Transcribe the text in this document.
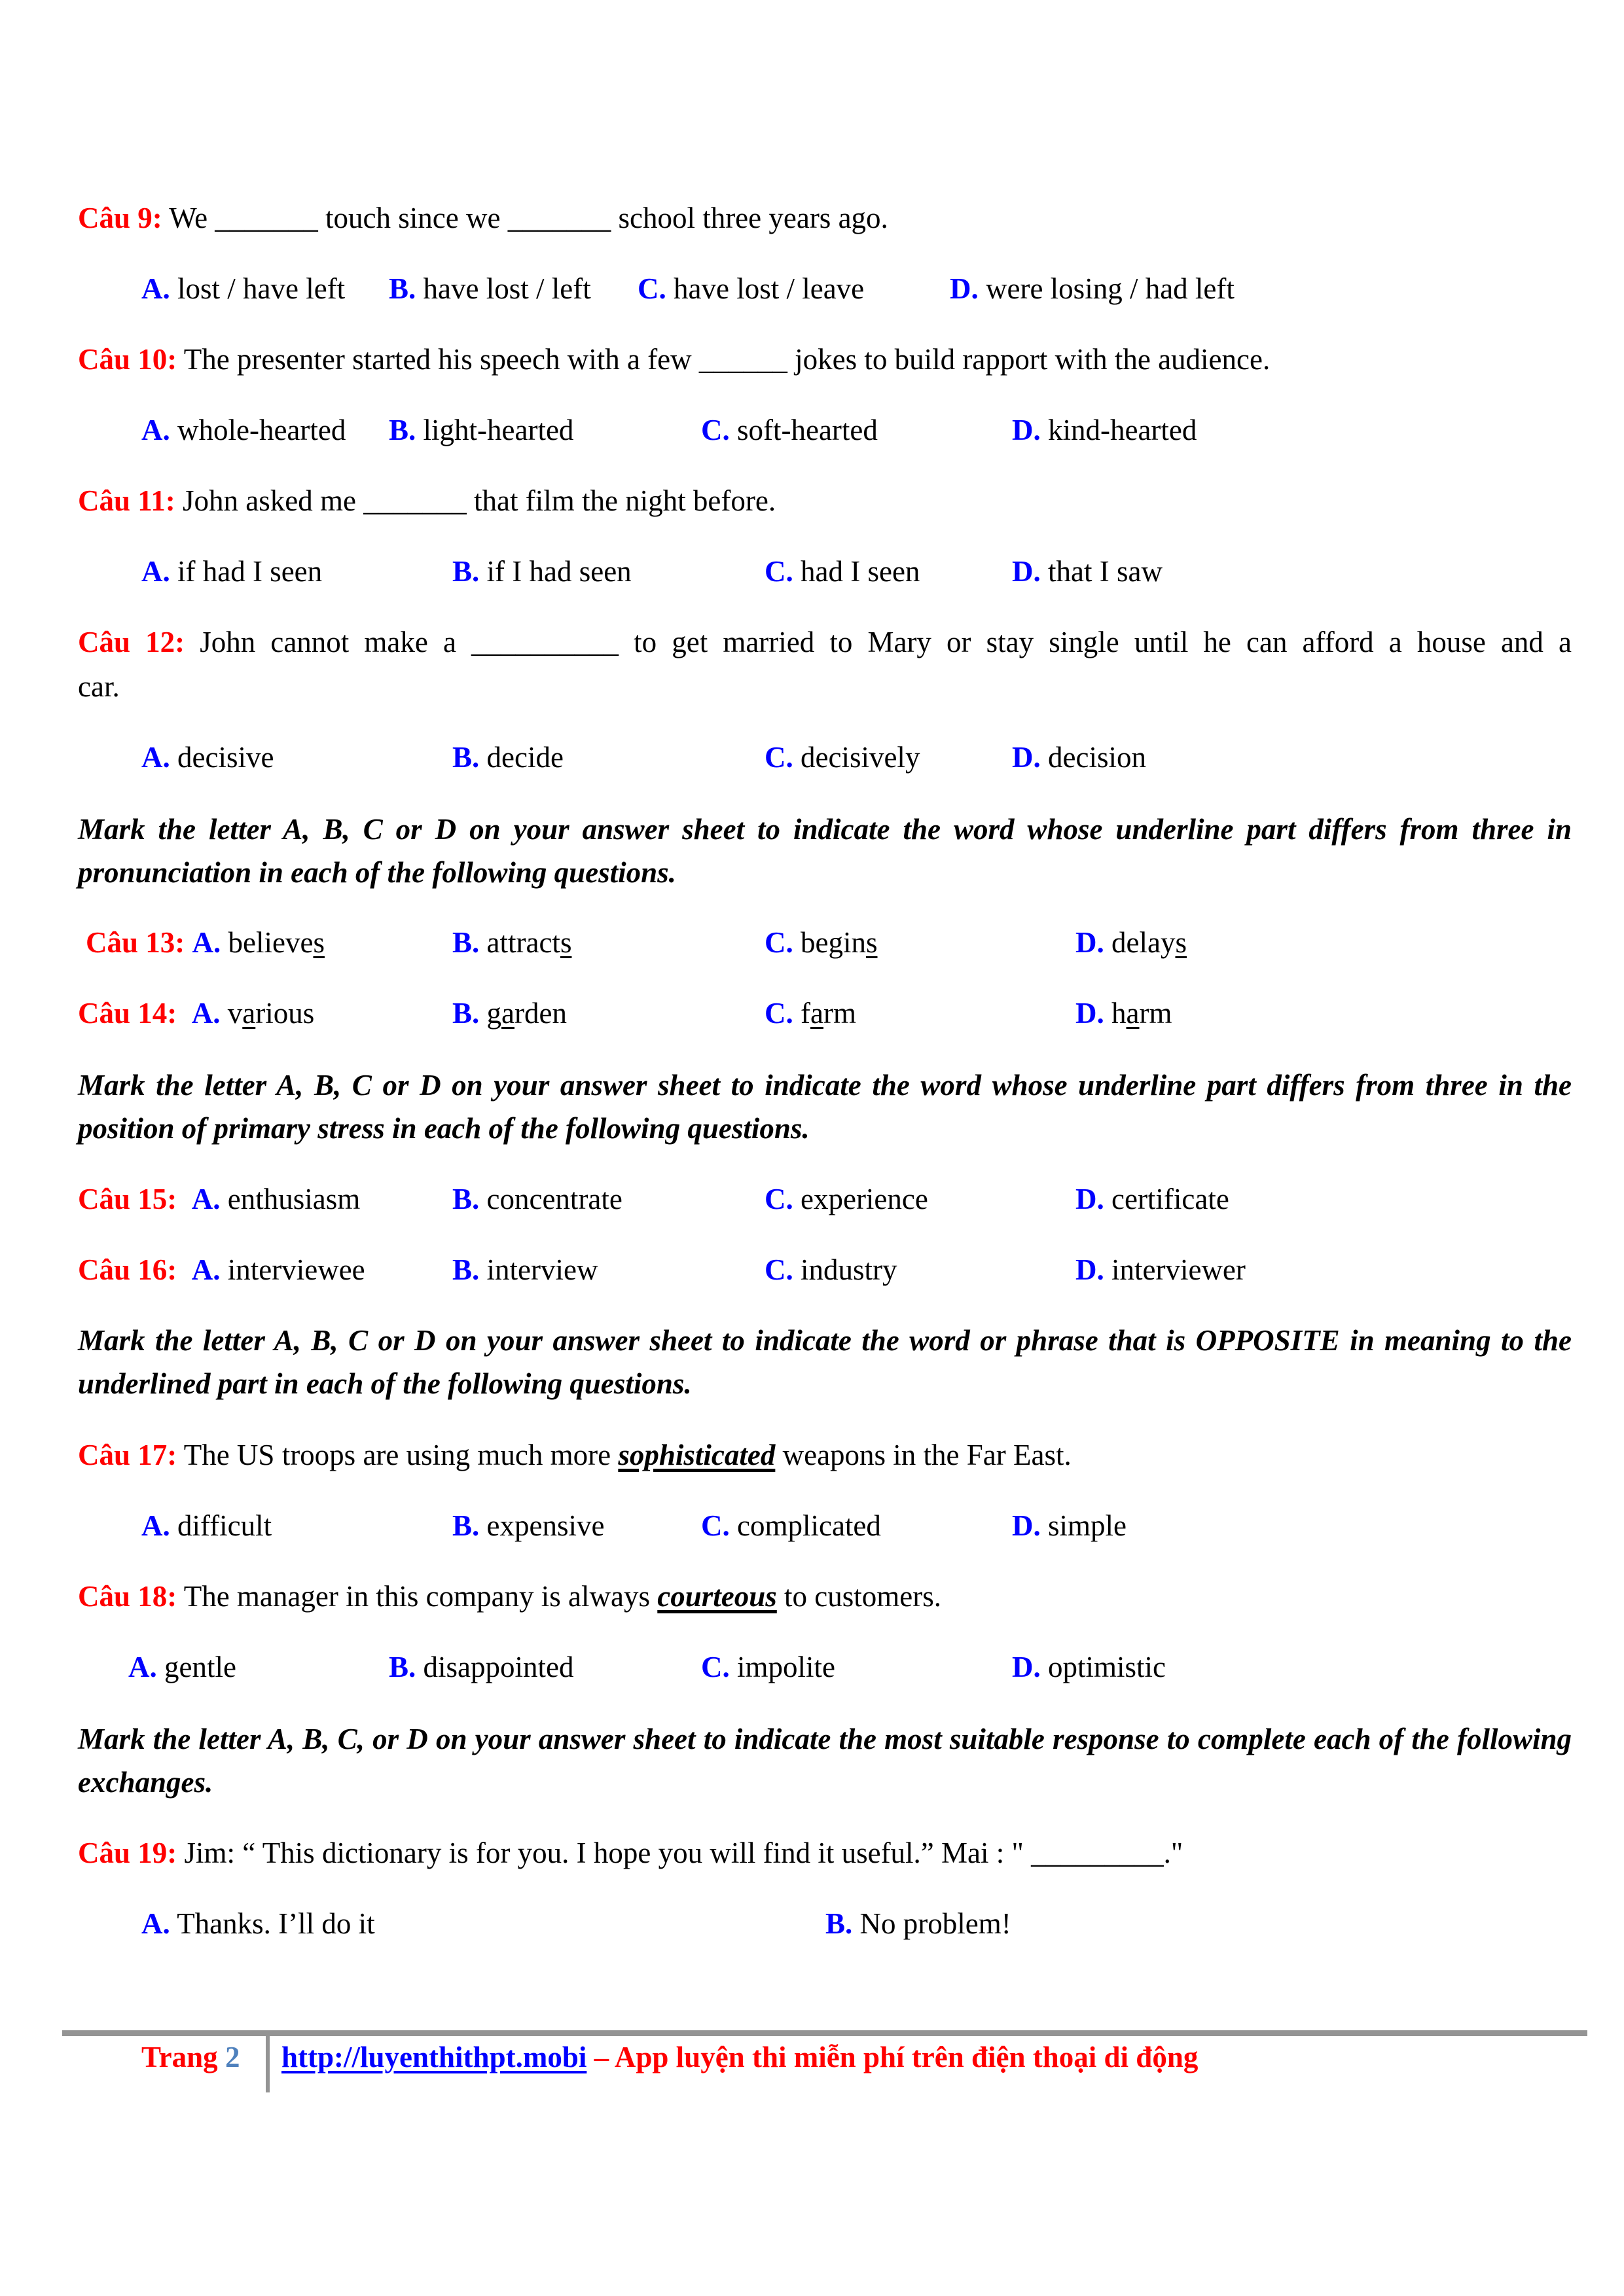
Câu 9: We _______ touch since we _______ school three years ago.
A. lost / have left B. have lost / left C. have lost / leave	D. were losing / had left
Câu 10: The presenter started his speech with a few ______ jokes to build rapport with the audience.
A. whole-hearted B. light-hearted	C. soft-hearted	D. kind-hearted
Câu 11: John asked me _______ that film the night before.
A. if had I seen	B. if I had seen	C. had I seen	D. that I saw
Câu 12: John cannot make a __________ to get married to Mary or stay single until he can afford a house and a
car.
A. decisive	B. decide	C. decisively	D. decision
Mark the letter A, B, C or D on your answer sheet to indicate the word whose underline part differs from three in pronunciation in each of the following questions.
Câu 13: A. believes	B. attracts	C. begins	D. delays
Câu 14: A. various	B. garden	C. farm	D. harm
Mark the letter A, B, C or D on your answer sheet to indicate the word whose underline part differs from three in the position of primary stress in each of the following questions.
Câu 15: A. enthusiasm	B. concentrate	C. experience	D. certificate
Câu 16: A. interviewee	B. interview	C. industry	D. interviewer
Mark the letter A, B, C or D on your answer sheet to indicate the word or phrase that is OPPOSITE in meaning to the underlined part in each of the following questions.
Câu 17: The US troops are using much more sophisticated weapons in the Far East.
A. difficult	B. expensive	C. complicated	D. simple
Câu 18: The manager in this company is always courteous to customers.
A. gentle	B. disappointed	C. impolite	D. optimistic
Mark the letter A, B, C, or D on your answer sheet to indicate the most suitable response to complete each of the following exchanges.
Câu 19: Jim: “ This dictionary is for you. I hope you will find it useful.” Mai : " _________."
A. Thanks. I’ll do it	B. No problem!
Trang 2 http://luyenthithpt.mobi – App luyện thi miễn phí trên điện thoại di động
